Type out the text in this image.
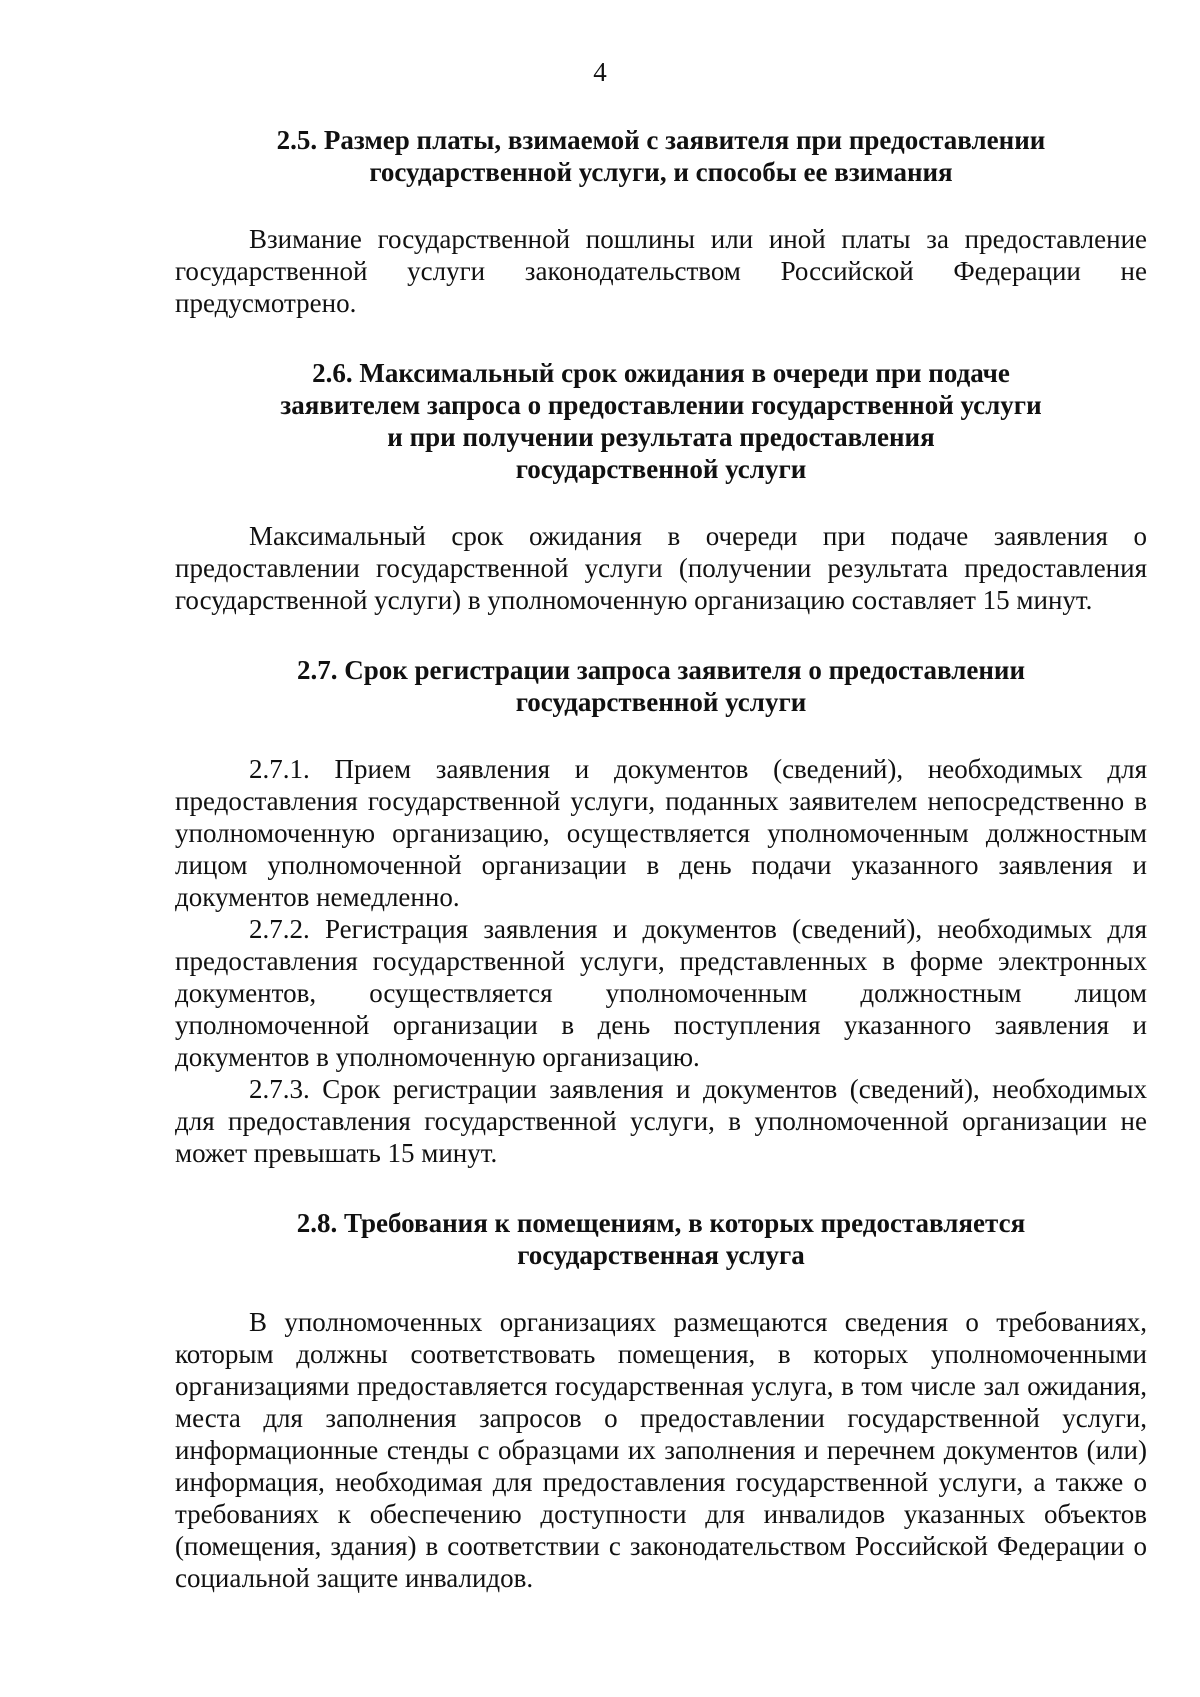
4
2.5. Размер платы, взимаемой с заявителя при предоставлении
государственной услуги, и способы ее взимания

Взимание государственной пошлины или иной платы за предоставление государственной услуги законодательством Российской Федерации не предусмотрено.

2.6. Максимальный срок ожидания в очереди при подаче
заявителем запроса о предоставлении государственной услуги
и при получении результата предоставления
государственной услуги

Максимальный срок ожидания в очереди при подаче заявления о предоставлении государственной услуги (получении результата предоставления государственной услуги) в уполномоченную организацию составляет 15 минут.

2.7. Срок регистрации запроса заявителя о предоставлении
государственной услуги

2.7.1. Прием заявления и документов (сведений), необходимых для предоставления государственной услуги, поданных заявителем непосредственно в уполномоченную организацию, осуществляется уполномоченным должностным лицом уполномоченной организации в день подачи указанного заявления и документов немедленно.

2.7.2. Регистрация заявления и документов (сведений), необходимых для предоставления государственной услуги, представленных в форме электронных документов, осуществляется уполномоченным должностным лицом уполномоченной организации в день поступления указанного заявления и документов в уполномоченную организацию.

2.7.3. Срок регистрации заявления и документов (сведений), необходимых для предоставления государственной услуги, в уполномоченной организации не может превышать 15 минут.

2.8. Требования к помещениям, в которых предоставляется
государственная услуга

В уполномоченных организациях размещаются сведения о требованиях, которым должны соответствовать помещения, в которых уполномоченными организациями предоставляется государственная услуга, в том числе зал ожидания, места для заполнения запросов о предоставлении государственной услуги, информационные стенды с образцами их заполнения и перечнем документов (или) информация, необходимая для предоставления государственной услуги, а также о требованиях к обеспечению доступности для инвалидов указанных объектов (помещения, здания) в соответствии с законодательством Российской Федерации о социальной защите инвалидов.
